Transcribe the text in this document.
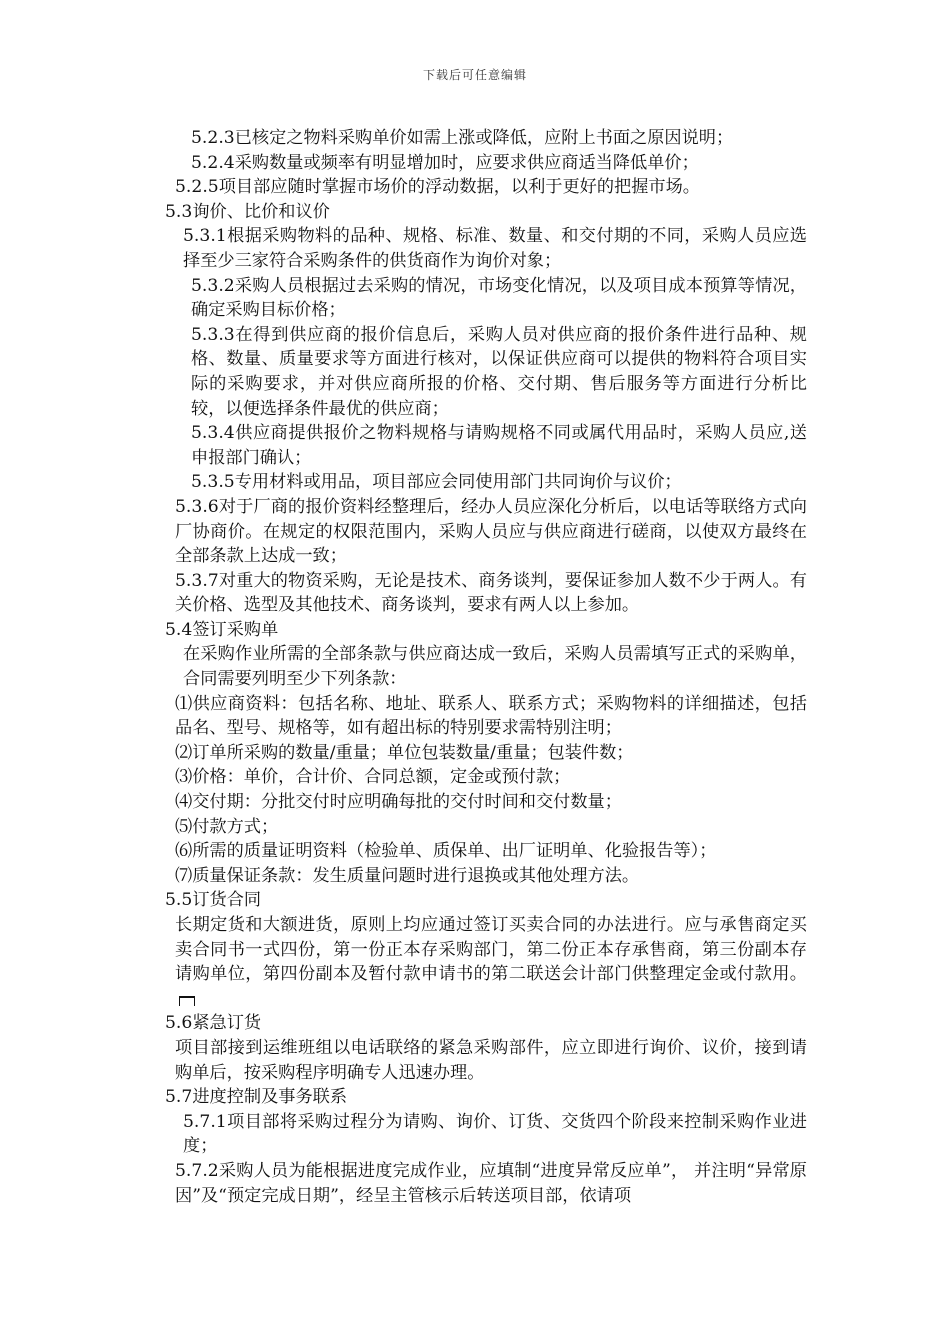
下载后可任意编辑

5.2.3已核定之物料采购单价如需上涨或降低，应附上书面之原因说明；

5.2.4采购数量或频率有明显增加时，应要求供应商适当降低单价；

5.2.5项目部应随时掌握市场价的浮动数据，以利于更好的把握市场。

5.3询价、比价和议价

5.3.1根据采购物料的品种、规格、标准、数量、和交付期的不同，采购人员应选择至少三家符合采购条件的供货商作为询价对象；

5.3.2采购人员根据过去采购的情况，市场变化情况，以及项目成本预算等情况，确定采购目标价格；

5.3.3在得到供应商的报价信息后，采购人员对供应商的报价条件进行品种、规格、数量、质量要求等方面进行核对，以保证供应商可以提供的物料符合项目实际的采购要求，并对供应商所报的价格、交付期、售后服务等方面进行分析比较，以便选择条件最优的供应商；

5.3.4供应商提供报价之物料规格与请购规格不同或属代用品时，采购人员应,送申报部门确认；

5.3.5专用材料或用品，项目部应会同使用部门共同询价与议价；

5.3.6对于厂商的报价资料经整理后，经办人员应深化分析后，以电话等联络方式向厂协商价。在规定的权限范围内，采购人员应与供应商进行磋商，以使双方最终在全部条款上达成一致；

5.3.7对重大的物资采购，无论是技术、商务谈判，要保证参加人数不少于两人。有关价格、选型及其他技术、商务谈判，要求有两人以上参加。

5.4签订采购单

在采购作业所需的全部条款与供应商达成一致后，采购人员需填写正式的采购单，合同需要列明至少下列条款：

⑴供应商资料：包括名称、地址、联系人、联系方式；采购物料的详细描述，包括品名、型号、规格等，如有超出标的特别要求需特别注明；

⑵订单所采购的数量/重量；单位包装数量/重量；包装件数；

⑶价格：单价，合计价、合同总额，定金或预付款；

⑷交付期：分批交付时应明确每批的交付时间和交付数量；

⑸付款方式；

⑹所需的质量证明资料（检验单、质保单、出厂证明单、化验报告等）；

⑺质量保证条款：发生质量问题时进行退换或其他处理方法。

5.5订货合同

长期定货和大额进货，原则上均应通过签订买卖合同的办法进行。应与承售商定买卖合同书一式四份，第一份正本存采购部门，第二份正本存承售商，第三份副本存请购单位，第四份副本及暂付款申请书的第二联送会计部门供整理定金或付款用。

5.6紧急订货

项目部接到运维班组以电话联络的紧急采购部件，应立即进行询价、议价，接到请购单后，按采购程序明确专人迅速办理。

5.7进度控制及事务联系

5.7.1项目部将采购过程分为请购、询价、订货、交货四个阶段来控制采购作业进度；

5.7.2采购人员为能根据进度完成作业，应填制“进度异常反应单”， 并注明“异常原因”及“预定完成日期”，经呈主管核示后转送项目部，依请项
